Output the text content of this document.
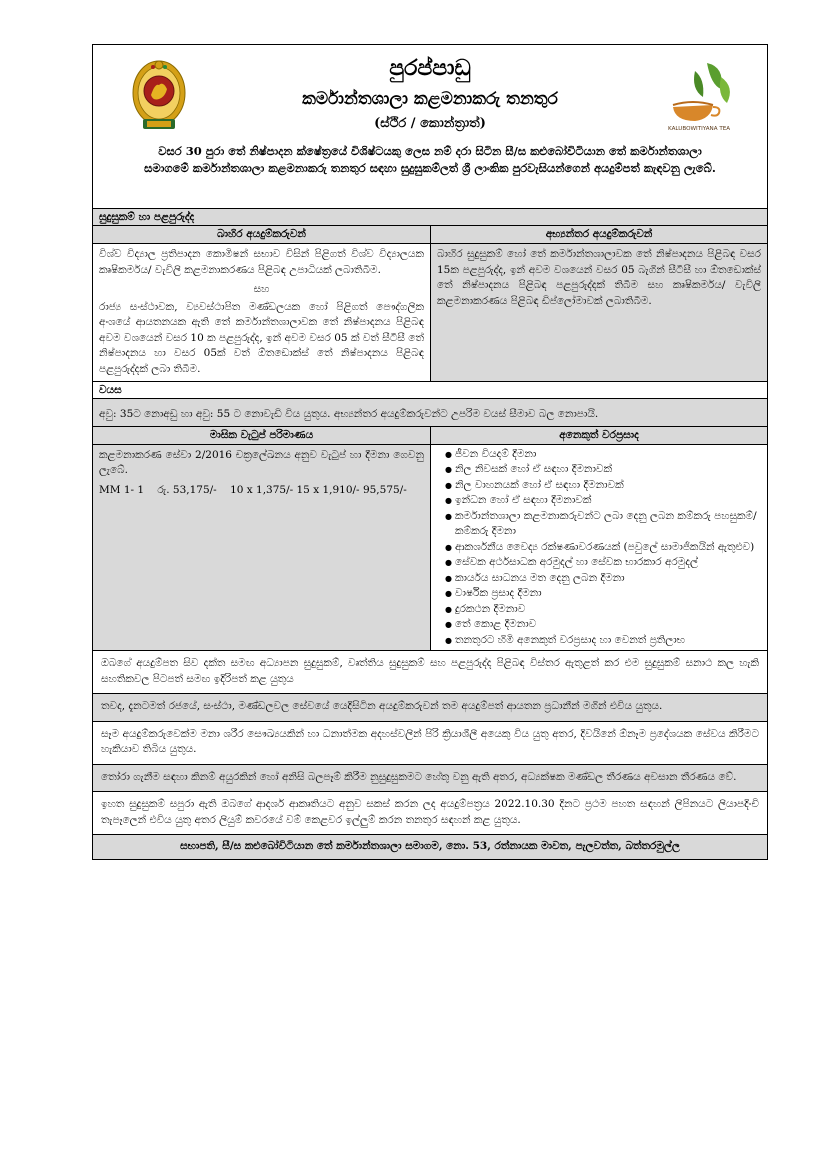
පුරප්පාඩු
කර්මාන්තශාලා කළමනාකරු තනතුර
(ස්ථිර / කොන්ත්‍රාත්)	KALUBOWITIYANA TEA
වසර 30 පුරා තේ නිෂ්පාදන ක්ෂේත්‍රයේ විශිෂ්ටයකු ලෙස නම් දරා සිටින සී/ස කළුබෝවිටියාන තේ කර්මාන්තශාලා සමාගමේ කර්මාන්තශාලා කළමනාකරු තනතුර සඳහා සුදුසුකම්ලත් ශ්‍රී ලාංකික පුරවැසියන්ගෙන් අයදුම්පත් කැඳවනු ලැබේ.
සුදුසුකම් හා පළපුරුද්ද
බාහිර අයදුම්කරුවන්	අභ්‍යන්තර අයදුම්කරුවන්
විශ්ව විද්‍යාල ප්‍රතිපාදන කොමිෂන් සභාව විසින් පිළිගත් විශ්ව විද්‍යාලයක කෘෂිකර්මය/ වැවිලි කළමනාකරණය පිළිබඳ උපාධියක් ලබාතිබීම.
සහ
රාජ්‍ය සංස්ථාවක, ව්‍යවස්ථාපිත මණ්ඩලයක හෝ පිළිගත් පෞද්ගලික අංශයේ ආයතනයක ඇති තේ කර්මාන්තශාලාවක තේ නිෂ්පාදනය පිළිබඳ අවම වශයෙන් වසර 10 ක පළපුරුද්ද, ඉන් අවම වසර 05 ක් වත් සීටීසී තේ නිෂ්පාදනය හා වසර 05ක් වත් ඕතඩොක්ස් තේ නිෂ්පාදනය පිළිබඳ පළපුරුද්දක් ලබා තිබීම.
බාහිර සුදුසුකම් හෝ තේ කර්මාන්තශාලාවක තේ නිෂ්පාදනය පිළිබඳ වසර 15ක පළපුරුද්ද, ඉන් අවම වශයෙන් වසර 05 බැගින් සීටීසී හා ඕතඩොක්ස් තේ නිෂ්පාදනය පිළිබඳ පළපුරුද්දක් තිබීම සහ කෘෂිකර්මය/ වැවිලි කළමනාකරණය පිළිබඳ ඩිප්ලෝමාවක් ලබාතිබීම.
වයස
අවු: 35ට නොඅඩු හා අවු: 55 ට නොවැඩි විය යුතුය. අභ්‍යන්තර අයදුම්කරුවන්ට උපරිම වයස් සීමාව බල නොපායි.
මාසික වැටුප් පරිමාණය	අනෙකුත් වරප්‍රසාද
කළමනාකරණ සේවා 2/2016 චක්‍රලේඛනය අනුව වැටුප් හා දීමනා ගෙවනු ලැබේ.
MM 1- 1    රු. 53,175/-    10 x 1,375/- 15 x 1,910/- 95,575/-
● ජීවන වියදම් දීමනා
● නිල නිවසක් හෝ ඒ සඳහා දීමනාවක්
● නිල වාහනයක් හෝ ඒ සඳහා දීමනාවක්
● ඉන්ධන හෝ ඒ සඳහා දීමනාවක්
● කර්මාන්තශාලා කළමනාකරුවන්ට ලබා දෙනු ලබන කම්කරු පහසුකම්/ කම්කරු දීමනා
● ආකර්ශනීය වෛද්‍ය රක්ෂණාවරණයක් (පවුලේ සාමාජිකයින් ඇතුළුව)
● සේවක අර්ථසාධක අරමුදල් හා සේවක භාරකාර අරමුදල්
● කාර්යය සාධනය මත දෙනු ලබන දීමනා
● වාර්ෂික ප්‍රසාද දීමනා
● දුරකථන දීමනාව
● තේ කොළ දීමනාව
● තනතුරට හිමි අනෙකුත් වරප්‍රසාද හා වෙනත් ප්‍රතිලාභ
ඔබගේ අයදුම්පත සිව දක්ත සමඟ අධ්‍යාපන සුදුසුකම්, වෘත්තිය සුදුසුකම් සහ පළපුරුද්ද පිළිබඳ විස්තර ඇතුළත් කර එම සුදුසුකම් සනාථ කල හැකි සහතිකවල පිටපත් සමඟ ඉදිරිපත් කළ යුතුය
තවද, දැනටමත් රජයේ, සංස්ථා, මණ්ඩලවල සේවයේ යෙදිසිටින අයදුම්කරුවන් තම අයදුම්පත් ආයතන ප්‍රධානීන් මගින් එවිය යුතුය.
සෑම අයදුම්කරුවෙක්ම මනා ශරීර සෞඛ්‍යයකින් හා ධනාත්මක අදහස්වලින් පිරි ක්‍රියාශීලී අයෙකු විය යුතු අතර, දිවයිනේ ඕනෑම ප්‍රදේශයක සේවය කිරීමට හැකියාව තිබිය යුතුය.
තෝරා ගැනීම සඳහා කිනම් අයුරකින් හෝ අනිසි බලපෑම් කිරීම නුසුදුසුකමට හේතු වනු ඇති අතර, අධ්‍යක්ෂක මණ්ඩල තීරණය අවසාන තීරණය වේ.
ඉහත සුදුසුකම් සපුරා ඇති ඔබගේ ආදර්ශ ආකෘතියට අනුව සකස් කරන ලද අයදුම්පත්‍රය 2022.10.30 දිනට ප්‍රථම පහත සඳහන් ලිපිනයට ලියාපදිංචි තැපෑලෙන් එවිය යුතු අතර ලියුම් කවරයේ වම් කෙළවර ඉල්ලුම් කරන තනතුර සඳහන් කළ යුතුය.
සභාපති, සී/ස කළුබෝවිටියාන තේ කර්මාන්තශාලා සමාගම, නො. 53, රත්නායක මාවත, පැලවත්ත, බත්තරමුල්ල
